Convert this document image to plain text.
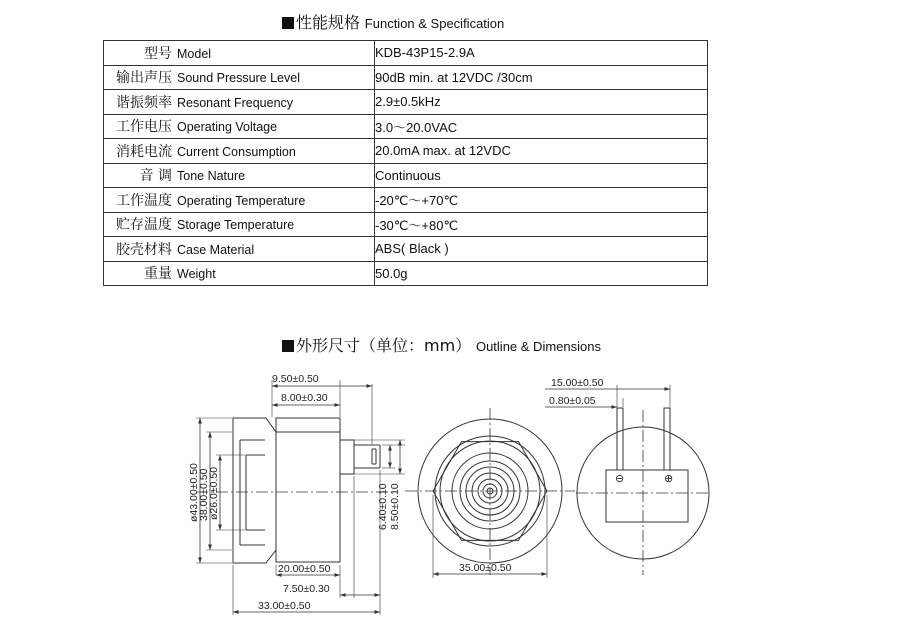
性能规格 Function & Specification
型号 Model	KDB-43P15-2.9A
输出声压 Sound Pressure Level	90dB min. at 12VDC /30cm
谐振频率 Resonant Frequency	2.9±0.5kHz
工作电压 Operating Voltage	3.0～20.0VAC
消耗电流 Current Consumption	20.0mA max. at 12VDC
音 调 Tone Nature	Continuous
工作温度 Operating Temperature	-20℃～+70℃
贮存温度 Storage Temperature	-30℃～+80℃
胶壳材料 Case Material	ABS( Black )
重量 Weight	50.0g
外形尺寸（单位：mm） Outline & Dimensions
9.50±0.50
8.00±0.30
ø43.00±0.50
38.00±0.50
ø26.0±0.50	6.40±0.10 8.50±0.10
20.00±0.50
7.50±0.30
33.00±0.50
35.00±0.50
15.00±0.50
0.80±0.05
⊖	⊕
